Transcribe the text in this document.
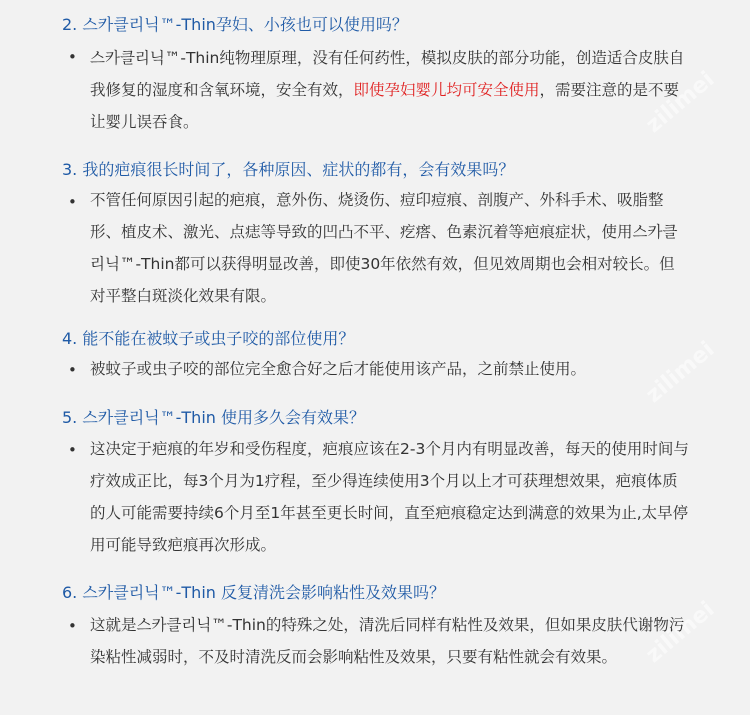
zilimei
zilimei
zilimei

2. 스카클리닉™-Thin孕妇、小孩也可以使用吗？

• 스카클리닉™-Thin纯物理原理，没有任何药性，模拟皮肤的部分功能，创造适合皮肤自我修复的湿度和含氧环境，安全有效，即使孕妇婴儿均可安全使用，需要注意的是不要让婴儿误吞食。

3. 我的疤痕很长时间了，各种原因、症状的都有，会有效果吗？

• 不管任何原因引起的疤痕，意外伤、烧烫伤、痘印痘痕、剖腹产、外科手术、吸脂整形、植皮术、激光、点痣等导致的凹凸不平、疙瘩、色素沉着等疤痕症状，使用스카클리닉™-Thin都可以获得明显改善，即使30年依然有效，但见效周期也会相对较长。但对平整白斑淡化效果有限。

4. 能不能在被蚊子或虫子咬的部位使用？

• 被蚊子或虫子咬的部位完全愈合好之后才能使用该产品，之前禁止使用。

5. 스카클리닉™-Thin 使用多久会有效果？

• 这决定于疤痕的年岁和受伤程度，疤痕应该在2-3个月内有明显改善，每天的使用时间与疗效成正比，每3个月为1疗程，至少得连续使用3个月以上才可获理想效果，疤痕体质的人可能需要持续6个月至1年甚至更长时间，直至疤痕稳定达到满意的效果为止,太早停用可能导致疤痕再次形成。

6. 스카클리닉™-Thin 反复清洗会影响粘性及效果吗？

• 这就是스카클리닉™-Thin的特殊之处，清洗后同样有粘性及效果，但如果皮肤代谢物污染粘性减弱时，不及时清洗反而会影响粘性及效果，只要有粘性就会有效果。
